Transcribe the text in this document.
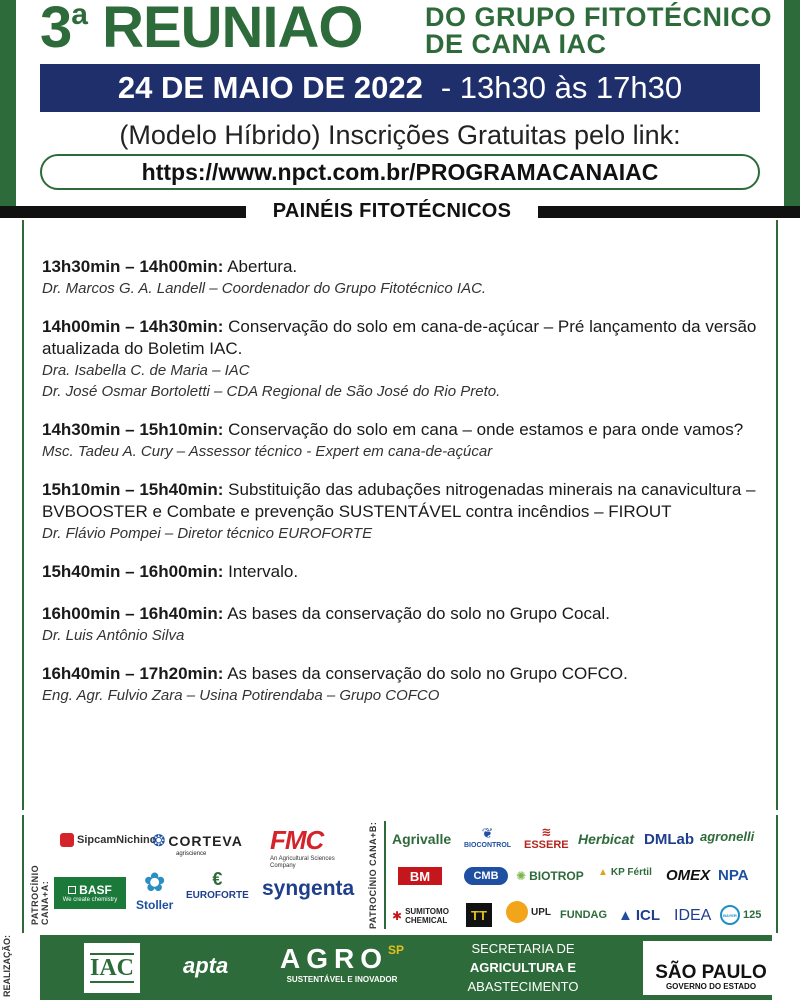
3$^a$ REUNIAO DO GRUPO FITOTÉCNICO
DE CANA IAC
24 DE MAIO DE 2022 - 13h30 às 17h30
(Modelo Híbrido) Inscrições Gratuitas pelo link:
https://www.npct.com.br/PROGRAMACANAIAC
PAINÉIS FITOTÉCNICOS
13h30min – 14h00min: Abertura.
Dr. Marcos G. A. Landell – Coordenador do Grupo Fitotécnico IAC.
14h00min – 14h30min: Conservação do solo em cana-de-açúcar – Pré lançamento da versão atualizada do Boletim IAC.
Dra. Isabella C. de Maria – IAC
Dr. José Osmar Bortoletti – CDA Regional de São José do Rio Preto.
14h30min – 15h10min: Conservação do solo em cana – onde estamos e para onde vamos?
Msc. Tadeu A. Cury – Assessor técnico - Expert em cana-de-açúcar
15h10min – 15h40min: Substituição das adubações nitrogenadas minerais na canavicultura – BVBOOSTER e Combate e prevenção SUSTENTÁVEL contra incêndios – FIROUT
Dr. Flávio Pompei – Diretor técnico EUROFORTE
15h40min – 16h00min: Intervalo.
16h00min – 16h40min: As bases da conservação do solo no Grupo Cocal.
Dr. Luis Antônio Silva
16h40min – 17h20min: As bases da conservação do solo no Grupo COFCO.
Eng. Agr. Fulvio Zara – Usina Potirendaba – Grupo COFCO
PATROCÍNIO CANA+A:	PATROCÍNIO CANA+B:
SipcamNichino
❂ CORTEVA
agriscience FMC
An Agricultural Sciences Company
BASF
We create chemistry
✿
Stoller
€
EUROFORTE syngenta
Agrivalle ❦
BIOCONTROL
≋
ESSERE Herbicat DMLab agronelli
BM	CMB ✺ BIOTROP ▲ KP Fértil OMEX NPA
✱ SUMITOMO CHEMICAL	TT	UPL FUNDAG ▲ ICL IDEA	BAYER 125
REALIZAÇÃO:	IAC apta $AGRO^{SP}$
SUSTENTÁVEL E INOVADOR
SECRETARIA DE
AGRICULTURA E
ABASTECIMENTO
SÃO PAULO
GOVERNO DO ESTADO
